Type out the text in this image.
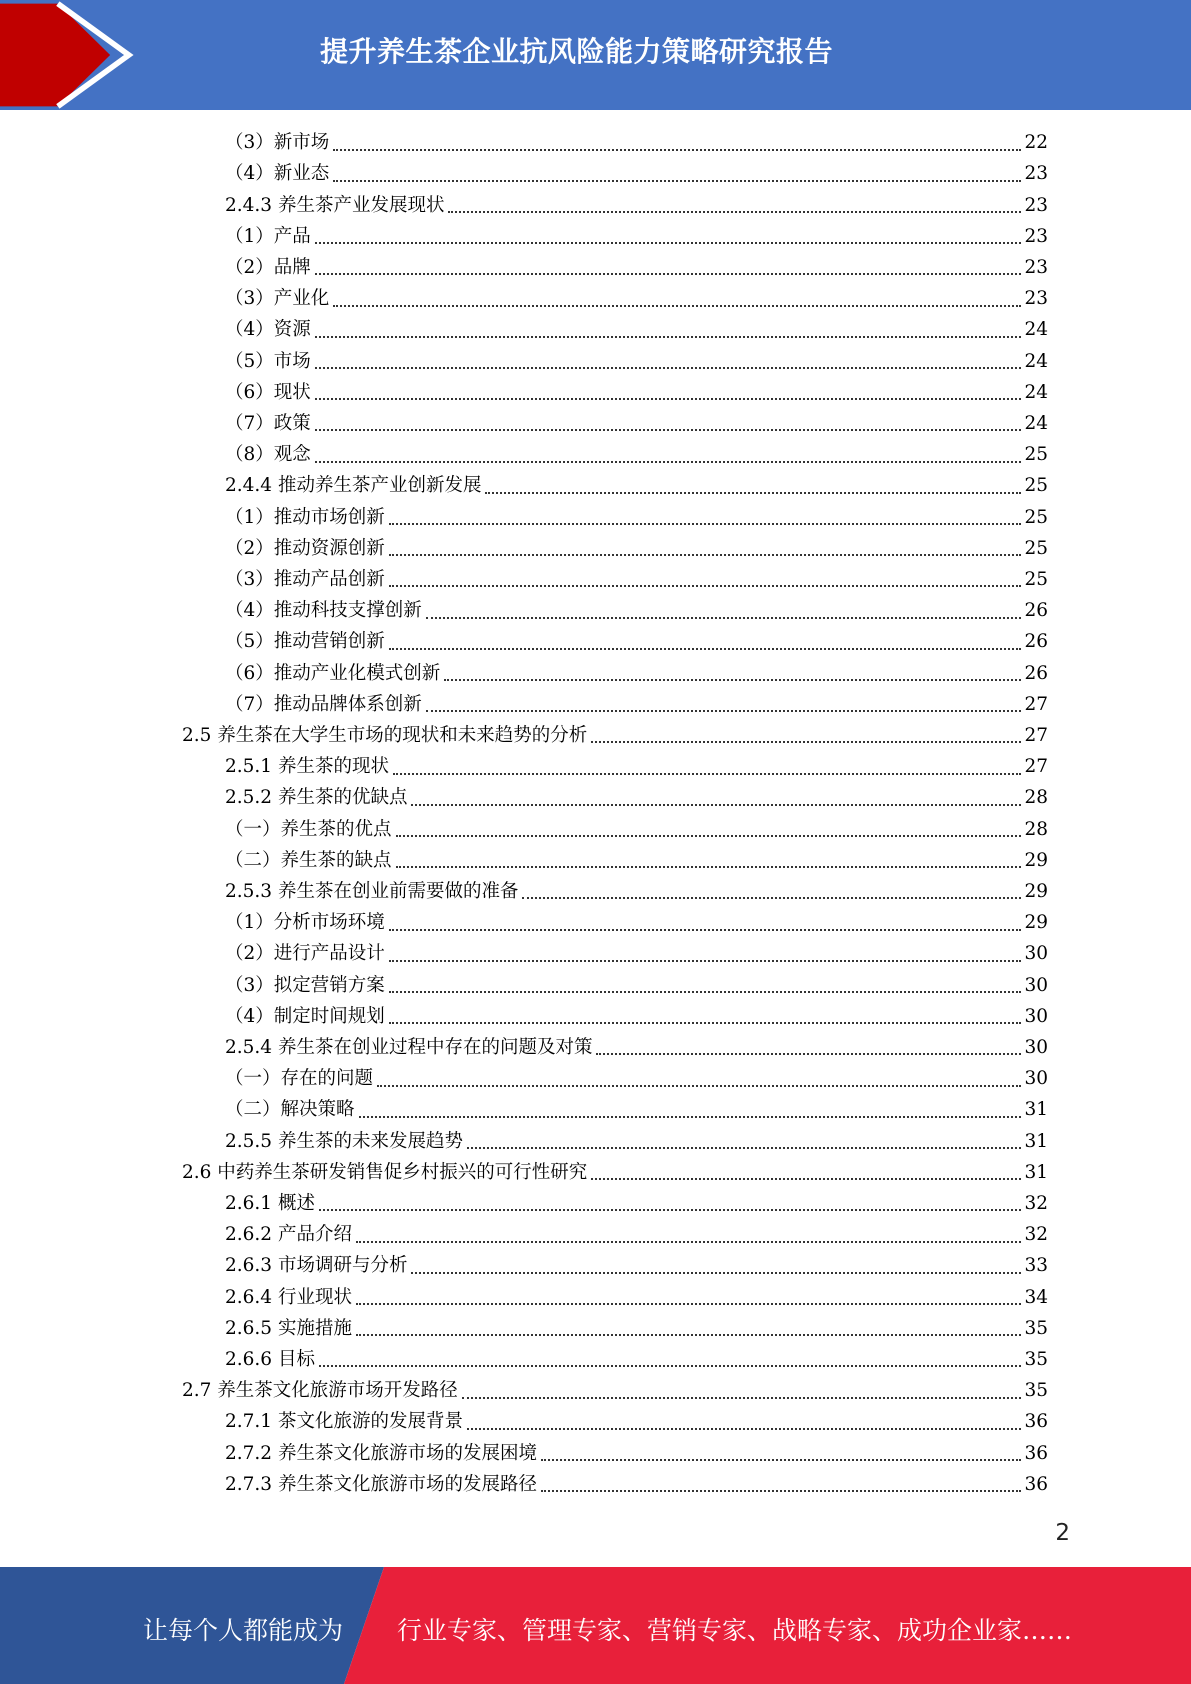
提升养生茶企业抗风险能力策略研究报告
（3）新市场	22
（4）新业态	23
2.4.3 养生茶产业发展现状	23
（1）产品	23
（2）品牌	23
（3）产业化	23
（4）资源	24
（5）市场	24
（6）现状	24
（7）政策	24
（8）观念	25
2.4.4 推动养生茶产业创新发展	25
（1）推动市场创新	25
（2）推动资源创新	25
（3）推动产品创新	25
（4）推动科技支撑创新	26
（5）推动营销创新	26
（6）推动产业化模式创新	26
（7）推动品牌体系创新	27
2.5 养生茶在大学生市场的现状和未来趋势的分析	27
2.5.1 养生茶的现状	27
2.5.2 养生茶的优缺点	28
（一）养生茶的优点	28
（二）养生茶的缺点	29
2.5.3 养生茶在创业前需要做的准备	29
（1）分析市场环境	29
（2）进行产品设计	30
（3）拟定营销方案	30
（4）制定时间规划	30
2.5.4 养生茶在创业过程中存在的问题及对策	30
（一）存在的问题	30
（二）解决策略	31
2.5.5 养生茶的未来发展趋势	31
2.6 中药养生茶研发销售促乡村振兴的可行性研究	31
2.6.1 概述	32
2.6.2 产品介绍	32
2.6.3 市场调研与分析	33
2.6.4 行业现状	34
2.6.5 实施措施	35
2.6.6 目标	35
2.7 养生茶文化旅游市场开发路径	35
2.7.1 茶文化旅游的发展背景	36
2.7.2 养生茶文化旅游市场的发展困境	36
2.7.3 养生茶文化旅游市场的发展路径	36
2
让每个人都能成为 行业专家、管理专家、营销专家、战略专家、成功企业家……
